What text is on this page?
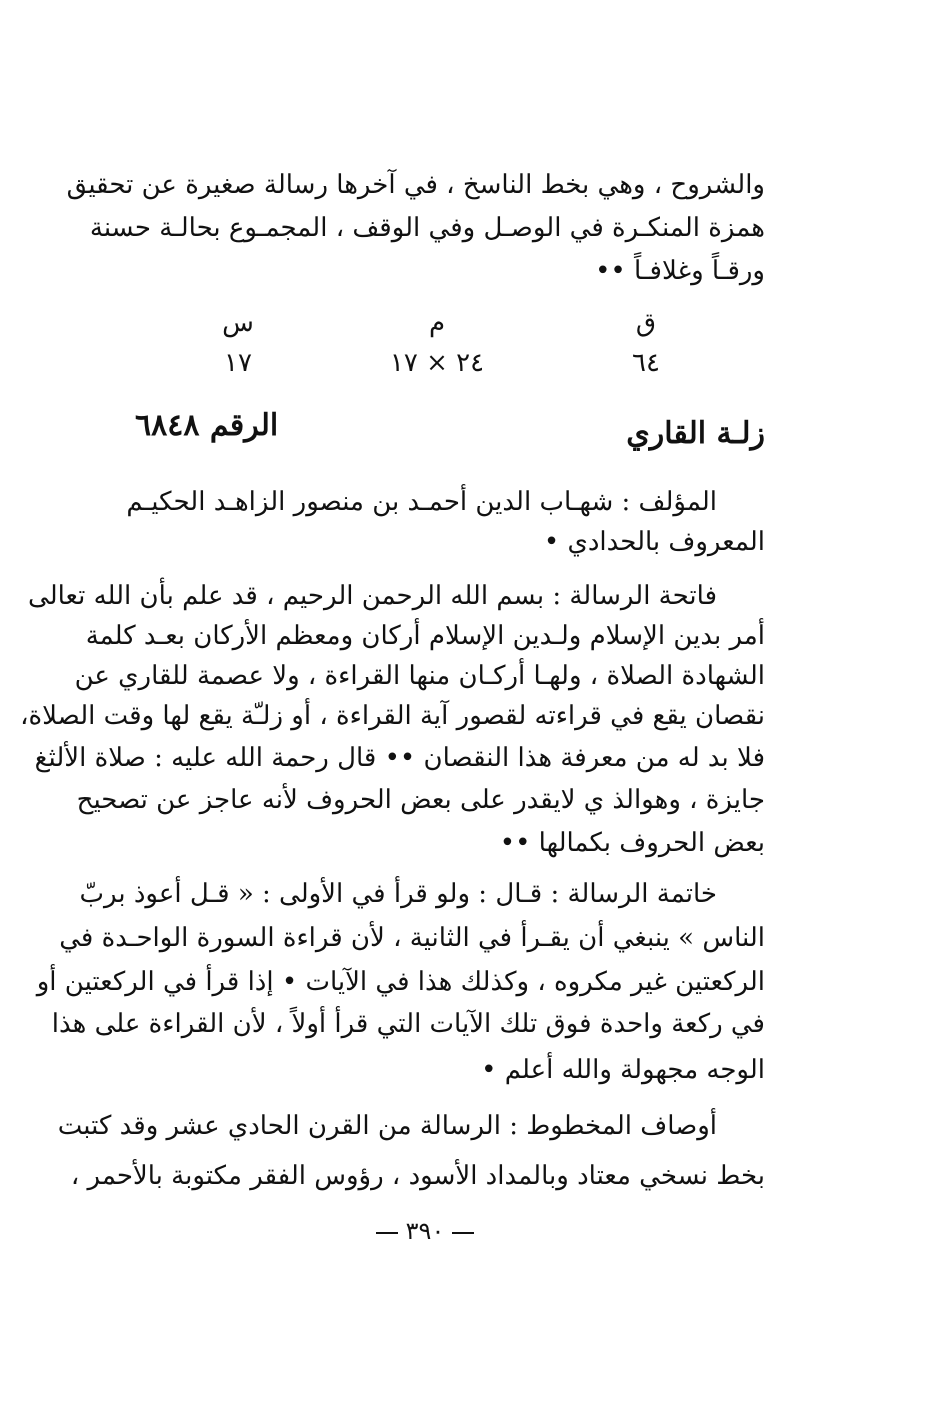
والشروح ، وهي بخط الناسخ ، في آخرها رسالة صغيرة عن تحقيق
همزة المنكـرة في الوصـل وفي الوقف ، المجمـوع بحالـة حسنة
ورقـاً وغلافـاً ••
ق
٦٤
م
٢٤ × ١٧
س
١٧
زلـة القاري
الرقم ٦٨٤٨
المؤلف : شهـاب الدين أحمـد بن منصور الزاهـد الحكيـم
المعروف بالحدادي •
فاتحة الرسالة : بسم الله الرحمن الرحيم ، قد علم بأن الله تعالى
أمر بدين الإسلام ولـدين الإسلام أركان ومعظم الأركان بعـد كلمة
الشهادة الصلاة ، ولهـا أركـان منها القراءة ، ولا عصمة للقاري عن
نقصان يقع في قراءته لقصور آية القراءة ، أو زلـّة يقع لها وقت الصلاة،
فلا بد له من معرفة هذا النقصان •• قال رحمة الله عليه : صلاة الألثغ
جايزة ، وهوالذ ي لايقدر على بعض الحروف لأنه عاجز عن تصحيح
بعض الحروف بكمالها ••
خاتمة الرسالة : قـال : ولو قرأ في الأولى : « قـل أعوذ بربّ
الناس » ينبغي أن يقـرأ في الثانية ، لأن قراءة السورة الواحـدة في
الركعتين غير مكروه ، وكذلك هذا في الآيات • إذا قرأ في الركعتين أو
في ركعة واحدة فوق تلك الآيات التي قرأ أولاً ، لأن القراءة على هذا
الوجه مجهولة والله أعلم •
أوصاف المخطوط : الرسالة من القرن الحادي عشر وقد كتبت
بخط نسخي معتاد وبالمداد الأسود ، رؤوس الفقر مكتوبة بالأحمر ،
٣٩٠
